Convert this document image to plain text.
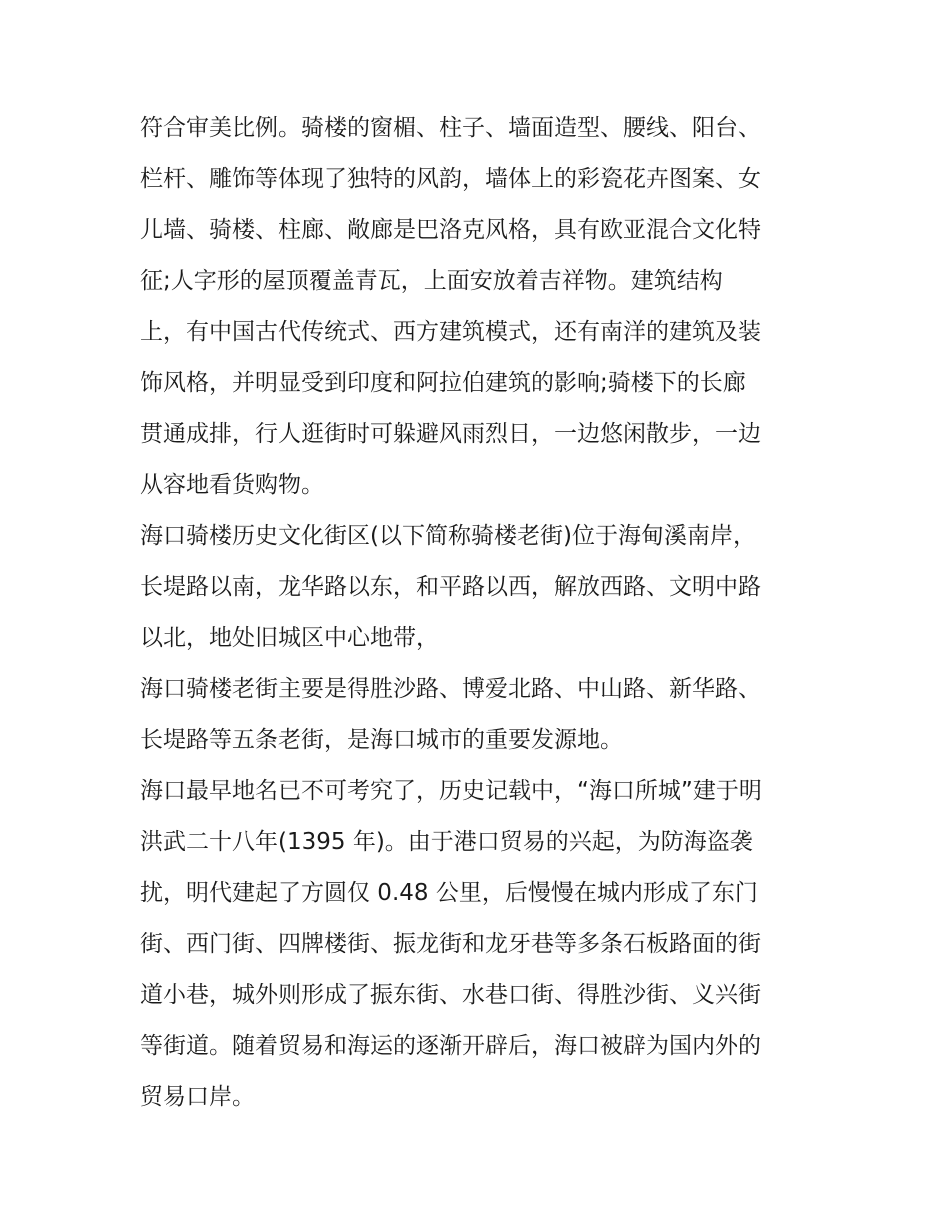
符合审美比例。骑楼的窗楣、柱子、墙面造型、腰线、阳台、
栏杆、雕饰等体现了独特的风韵，墙体上的彩瓷花卉图案、女
儿墙、骑楼、柱廊、敞廊是巴洛克风格，具有欧亚混合文化特
征;人字形的屋顶覆盖青瓦，上面安放着吉祥物。建筑结构
上，有中国古代传统式、西方建筑模式，还有南洋的建筑及装
饰风格，并明显受到印度和阿拉伯建筑的影响;骑楼下的长廊
贯通成排，行人逛街时可躲避风雨烈日，一边悠闲散步，一边
从容地看货购物。
海口骑楼历史文化街区(以下简称骑楼老街)位于海甸溪南岸，
长堤路以南，龙华路以东，和平路以西，解放西路、文明中路
以北，地处旧城区中心地带，
海口骑楼老街主要是得胜沙路、博爱北路、中山路、新华路、
长堤路等五条老街，是海口城市的重要发源地。
海口最早地名已不可考究了，历史记载中，“海口所城”建于明
洪武二十八年(1395 年)。由于港口贸易的兴起，为防海盗袭
扰，明代建起了方圆仅 0.48 公里，后慢慢在城内形成了东门
街、西门街、四牌楼街、振龙街和龙牙巷等多条石板路面的街
道小巷，城外则形成了振东街、水巷口街、得胜沙街、义兴街
等街道。随着贸易和海运的逐渐开辟后，海口被辟为国内外的
贸易口岸。
